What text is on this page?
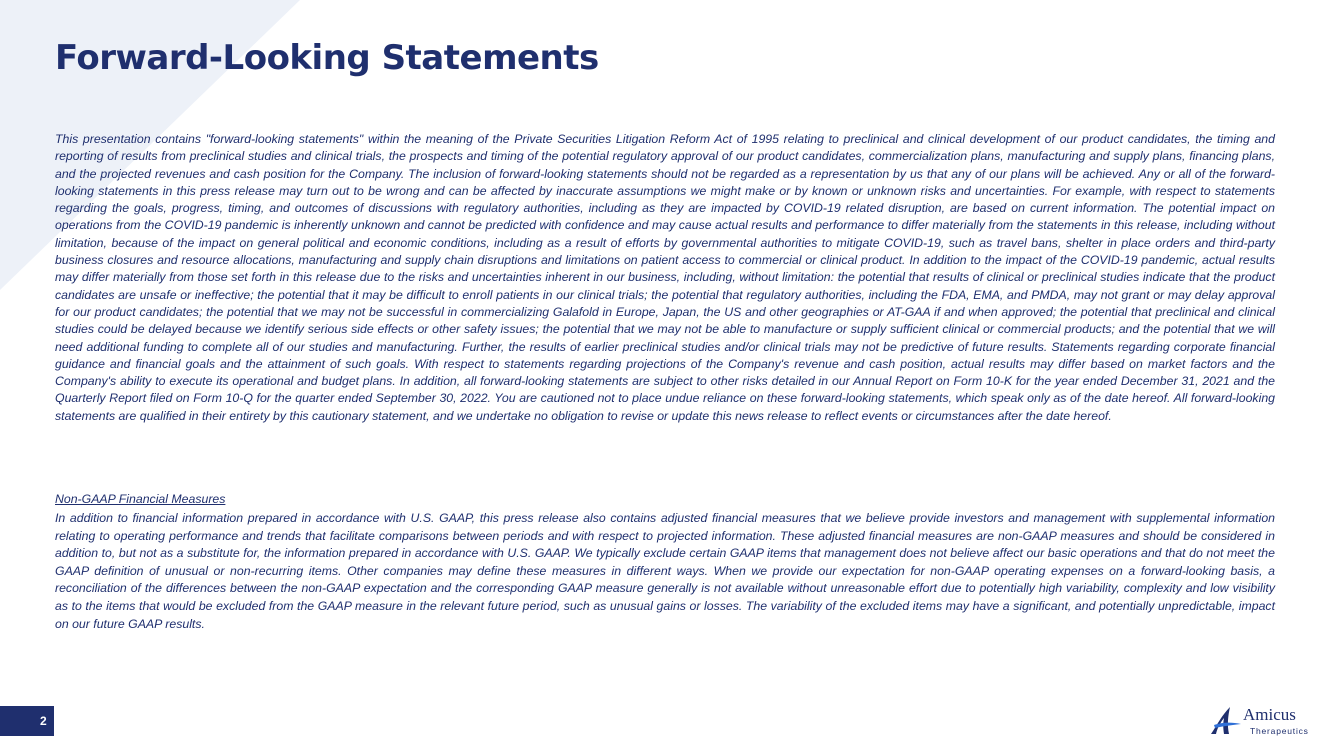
Forward-Looking Statements

This presentation contains "forward-looking statements" within the meaning of the Private Securities Litigation Reform Act of 1995 relating to preclinical and clinical development of our product candidates, the timing and reporting of results from preclinical studies and clinical trials, the prospects and timing of the potential regulatory approval of our product candidates, commercialization plans, manufacturing and supply plans, financing plans, and the projected revenues and cash position for the Company. The inclusion of forward-looking statements should not be regarded as a representation by us that any of our plans will be achieved. Any or all of the forward-looking statements in this press release may turn out to be wrong and can be affected by inaccurate assumptions we might make or by known or unknown risks and uncertainties. For example, with respect to statements regarding the goals, progress, timing, and outcomes of discussions with regulatory authorities, including as they are impacted by COVID-19 related disruption, are based on current information. The potential impact on operations from the COVID-19 pandemic is inherently unknown and cannot be predicted with confidence and may cause actual results and performance to differ materially from the statements in this release, including without limitation, because of the impact on general political and economic conditions, including as a result of efforts by governmental authorities to mitigate COVID-19, such as travel bans, shelter in place orders and third-party business closures and resource allocations, manufacturing and supply chain disruptions and limitations on patient access to commercial or clinical product. In addition to the impact of the COVID-19 pandemic, actual results may differ materially from those set forth in this release due to the risks and uncertainties inherent in our business, including, without limitation: the potential that results of clinical or preclinical studies indicate that the product candidates are unsafe or ineffective; the potential that it may be difficult to enroll patients in our clinical trials; the potential that regulatory authorities, including the FDA, EMA, and PMDA, may not grant or may delay approval for our product candidates; the potential that we may not be successful in commercializing Galafold in Europe, Japan, the US and other geographies or AT-GAA if and when approved; the potential that preclinical and clinical studies could be delayed because we identify serious side effects or other safety issues; the potential that we may not be able to manufacture or supply sufficient clinical or commercial products; and the potential that we will need additional funding to complete all of our studies and manufacturing. Further, the results of earlier preclinical studies and/or clinical trials may not be predictive of future results. Statements regarding corporate financial guidance and financial goals and the attainment of such goals. With respect to statements regarding projections of the Company's revenue and cash position, actual results may differ based on market factors and the Company's ability to execute its operational and budget plans. In addition, all forward-looking statements are subject to other risks detailed in our Annual Report on Form 10-K for the year ended December 31, 2021 and the Quarterly Report filed on Form 10-Q for the quarter ended September 30, 2022. You are cautioned not to place undue reliance on these forward-looking statements, which speak only as of the date hereof. All forward-looking statements are qualified in their entirety by this cautionary statement, and we undertake no obligation to revise or update this news release to reflect events or circumstances after the date hereof.

Non-GAAP Financial Measures

In addition to financial information prepared in accordance with U.S. GAAP, this press release also contains adjusted financial measures that we believe provide investors and management with supplemental information relating to operating performance and trends that facilitate comparisons between periods and with respect to projected information. These adjusted financial measures are non-GAAP measures and should be considered in addition to, but not as a substitute for, the information prepared in accordance with U.S. GAAP. We typically exclude certain GAAP items that management does not believe affect our basic operations and that do not meet the GAAP definition of unusual or non-recurring items. Other companies may define these measures in different ways. When we provide our expectation for non-GAAP operating expenses on a forward-looking basis, a reconciliation of the differences between the non-GAAP expectation and the corresponding GAAP measure generally is not available without unreasonable effort due to potentially high variability, complexity and low visibility as to the items that would be excluded from the GAAP measure in the relevant future period, such as unusual gains or losses. The variability of the excluded items may have a significant, and potentially unpredictable, impact on our future GAAP results.

2	Amicus
Therapeutics
